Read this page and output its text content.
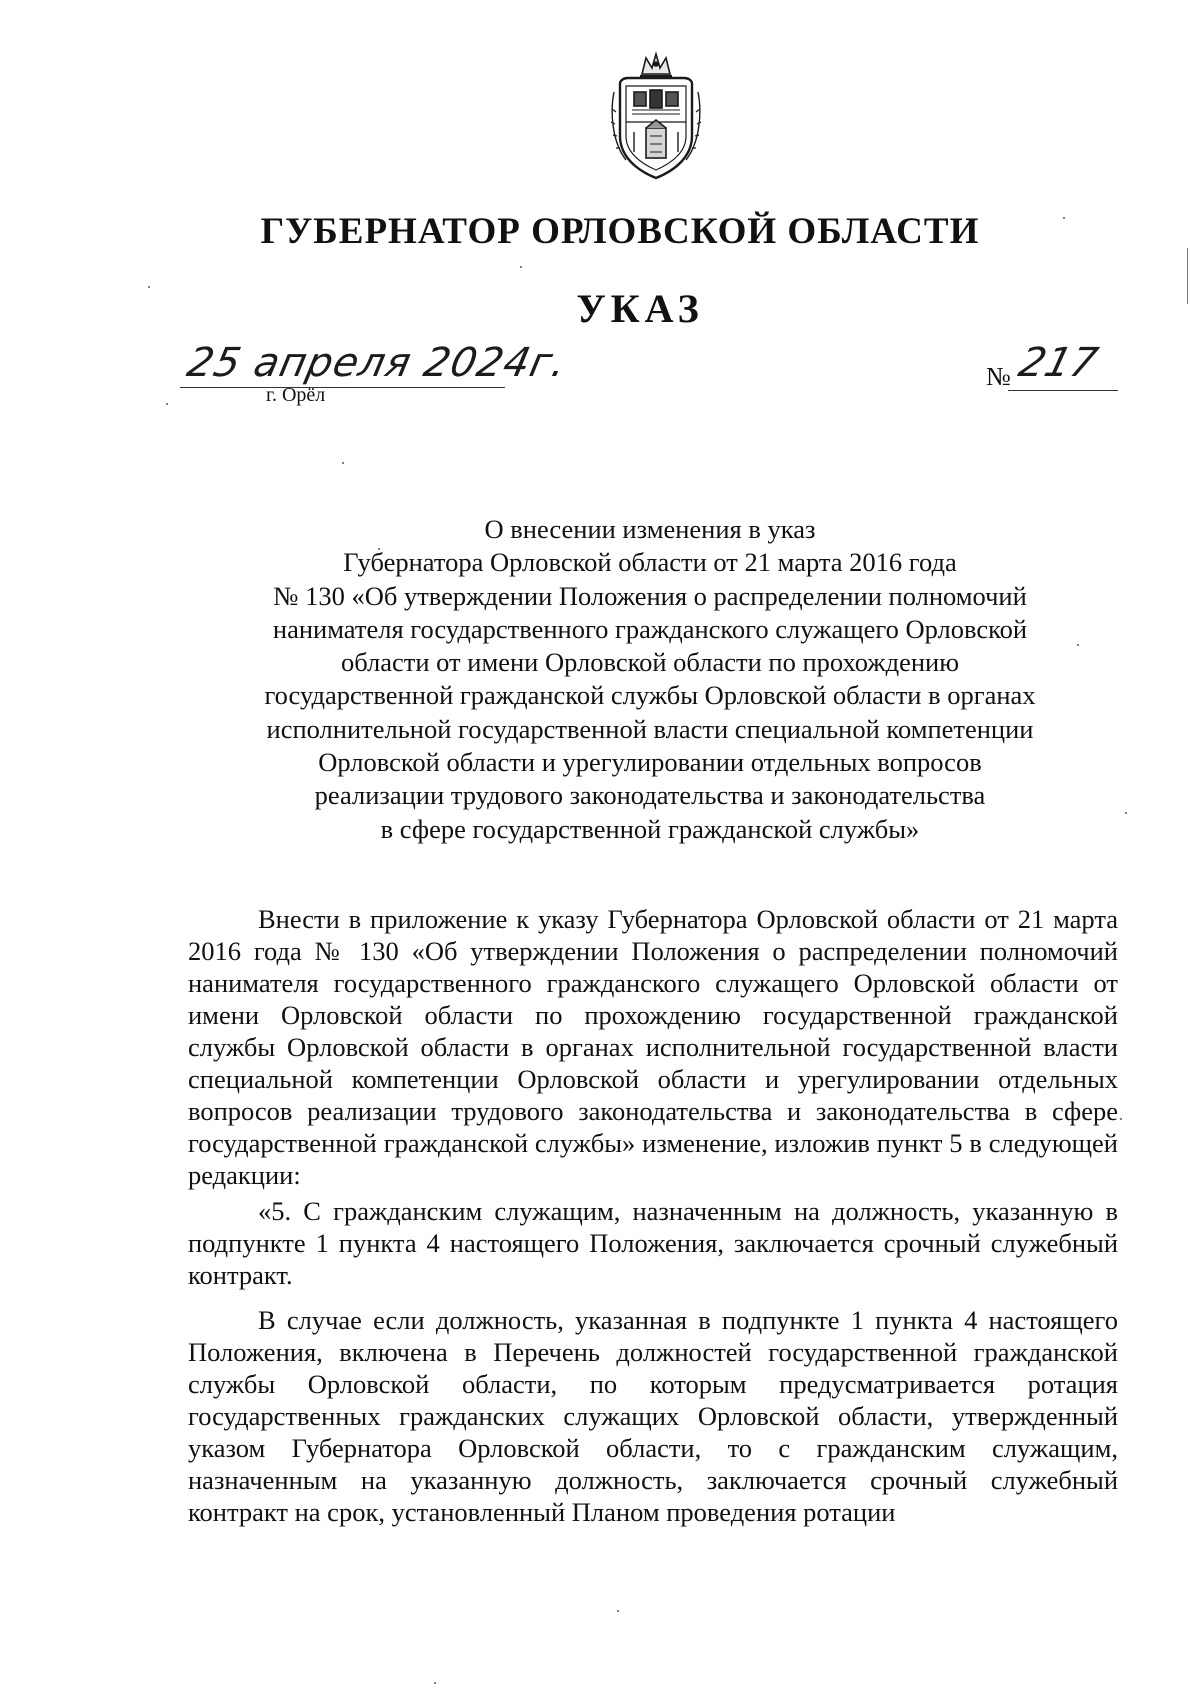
ГУБЕРНАТОР ОРЛОВСКОЙ ОБЛАСТИ
УКАЗ
25 апреля 2024г.
г. Орёл
№ 217
О внесении изменения в указ
Губернатора Орловской области от 21 марта 2016 года
№ 130 «Об утверждении Положения о распределении полномочий
нанимателя государственного гражданского служащего Орловской
области от имени Орловской области по прохождению
государственной гражданской службы Орловской области в органах
исполнительной государственной власти специальной компетенции
Орловской области и урегулировании отдельных вопросов
реализации трудового законодательства и законодательства
в сфере государственной гражданской службы»

Внести в приложение к указу Губернатора Орловской области от 21 марта 2016 года № 130 «Об утверждении Положения о распределении полномочий нанимателя государственного гражданского служащего Орловской области от имени Орловской области по прохождению государственной гражданской службы Орловской области в органах исполнительной государственной власти специальной компетенции Орловской области и урегулировании отдельных вопросов реализации трудового законодательства и законодательства в сфере государственной гражданской службы» изменение, изложив пункт 5 в следующей редакции:

«5. С гражданским служащим, назначенным на должность, указанную в подпункте 1 пункта 4 настоящего Положения, заключается срочный служебный контракт.

В случае если должность, указанная в подпункте 1 пункта 4 настоящего Положения, включена в Перечень должностей государственной гражданской службы Орловской области, по которым предусматривается ротация государственных гражданских служащих Орловской области, утвержденный указом Губернатора Орловской области, то с гражданским служащим, назначенным на указанную должность, заключается срочный служебный контракт на срок, установленный Планом проведения ротации
